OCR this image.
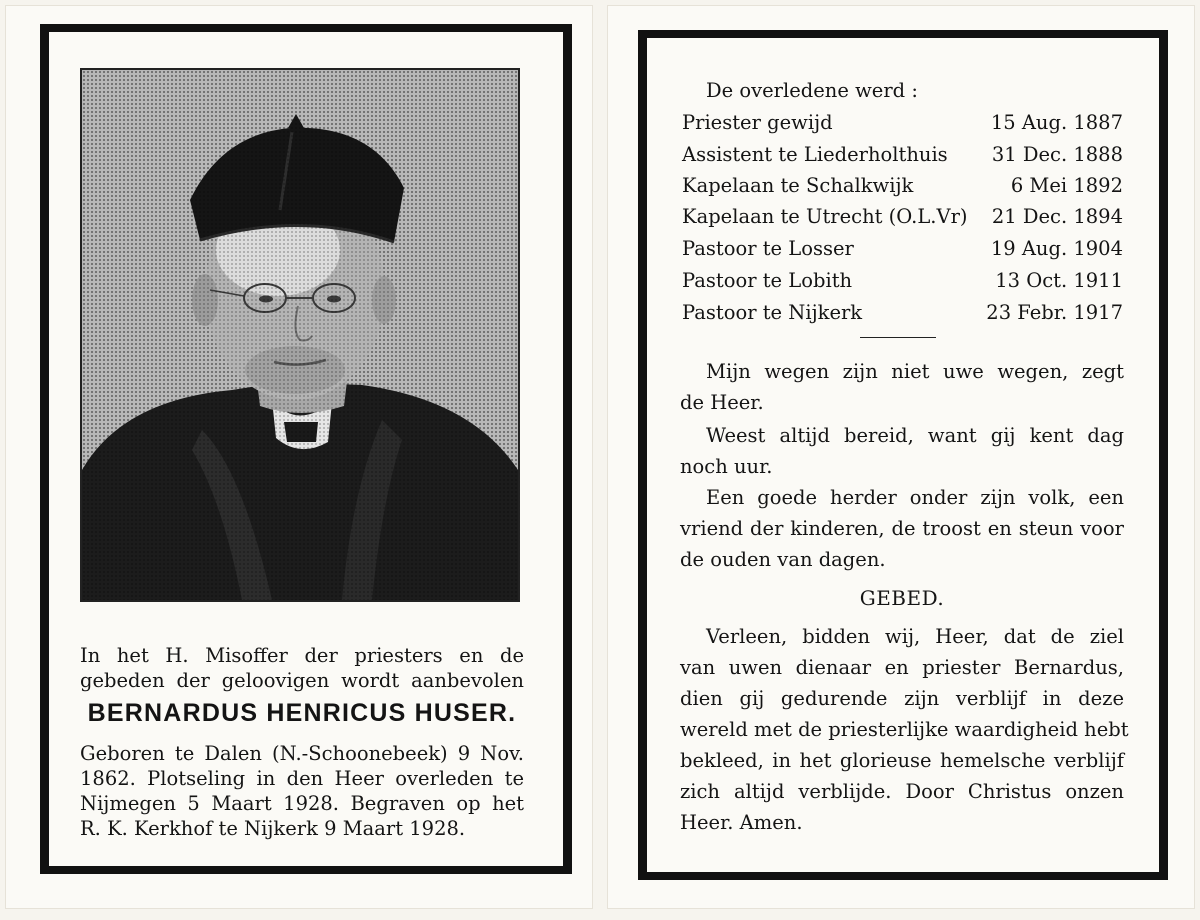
In het H. Misoffer der priesters en de
gebeden der geloovigen wordt aanbevolen
BERNARDUS HENRICUS HUSER.
Geboren te Dalen (N.-Schoonebeek) 9 Nov.
1862. Plotseling in den Heer overleden te
Nijmegen 5 Maart 1928. Begraven op het
R. K. Kerkhof te Nijkerk 9 Maart 1928.
De overledene werd :
Priester gewijd	15 Aug. 1887
Assistent te Liederholthuis 31 Dec. 1888
Kapelaan te Schalkwijk	6 Mei 1892
Kapelaan te Utrecht (O.L.Vr) 21 Dec. 1894
Pastoor te Losser	19 Aug. 1904
Pastoor te Lobith	13 Oct. 1911
Pastoor te Nijkerk	23 Febr. 1917
Mijn wegen zijn niet uwe wegen, zegt
de Heer.
Weest altijd bereid, want gij kent dag
noch uur.
Een goede herder onder zijn volk, een
vriend der kinderen, de troost en steun voor
de ouden van dagen.
GEBED.
Verleen, bidden wij, Heer, dat de ziel
van uwen dienaar en priester Bernardus,
dien gij gedurende zijn verblijf in deze
wereld met de priesterlijke waardigheid hebt
bekleed, in het glorieuse hemelsche verblijf
zich altijd verblijde. Door Christus onzen
Heer. Amen.
